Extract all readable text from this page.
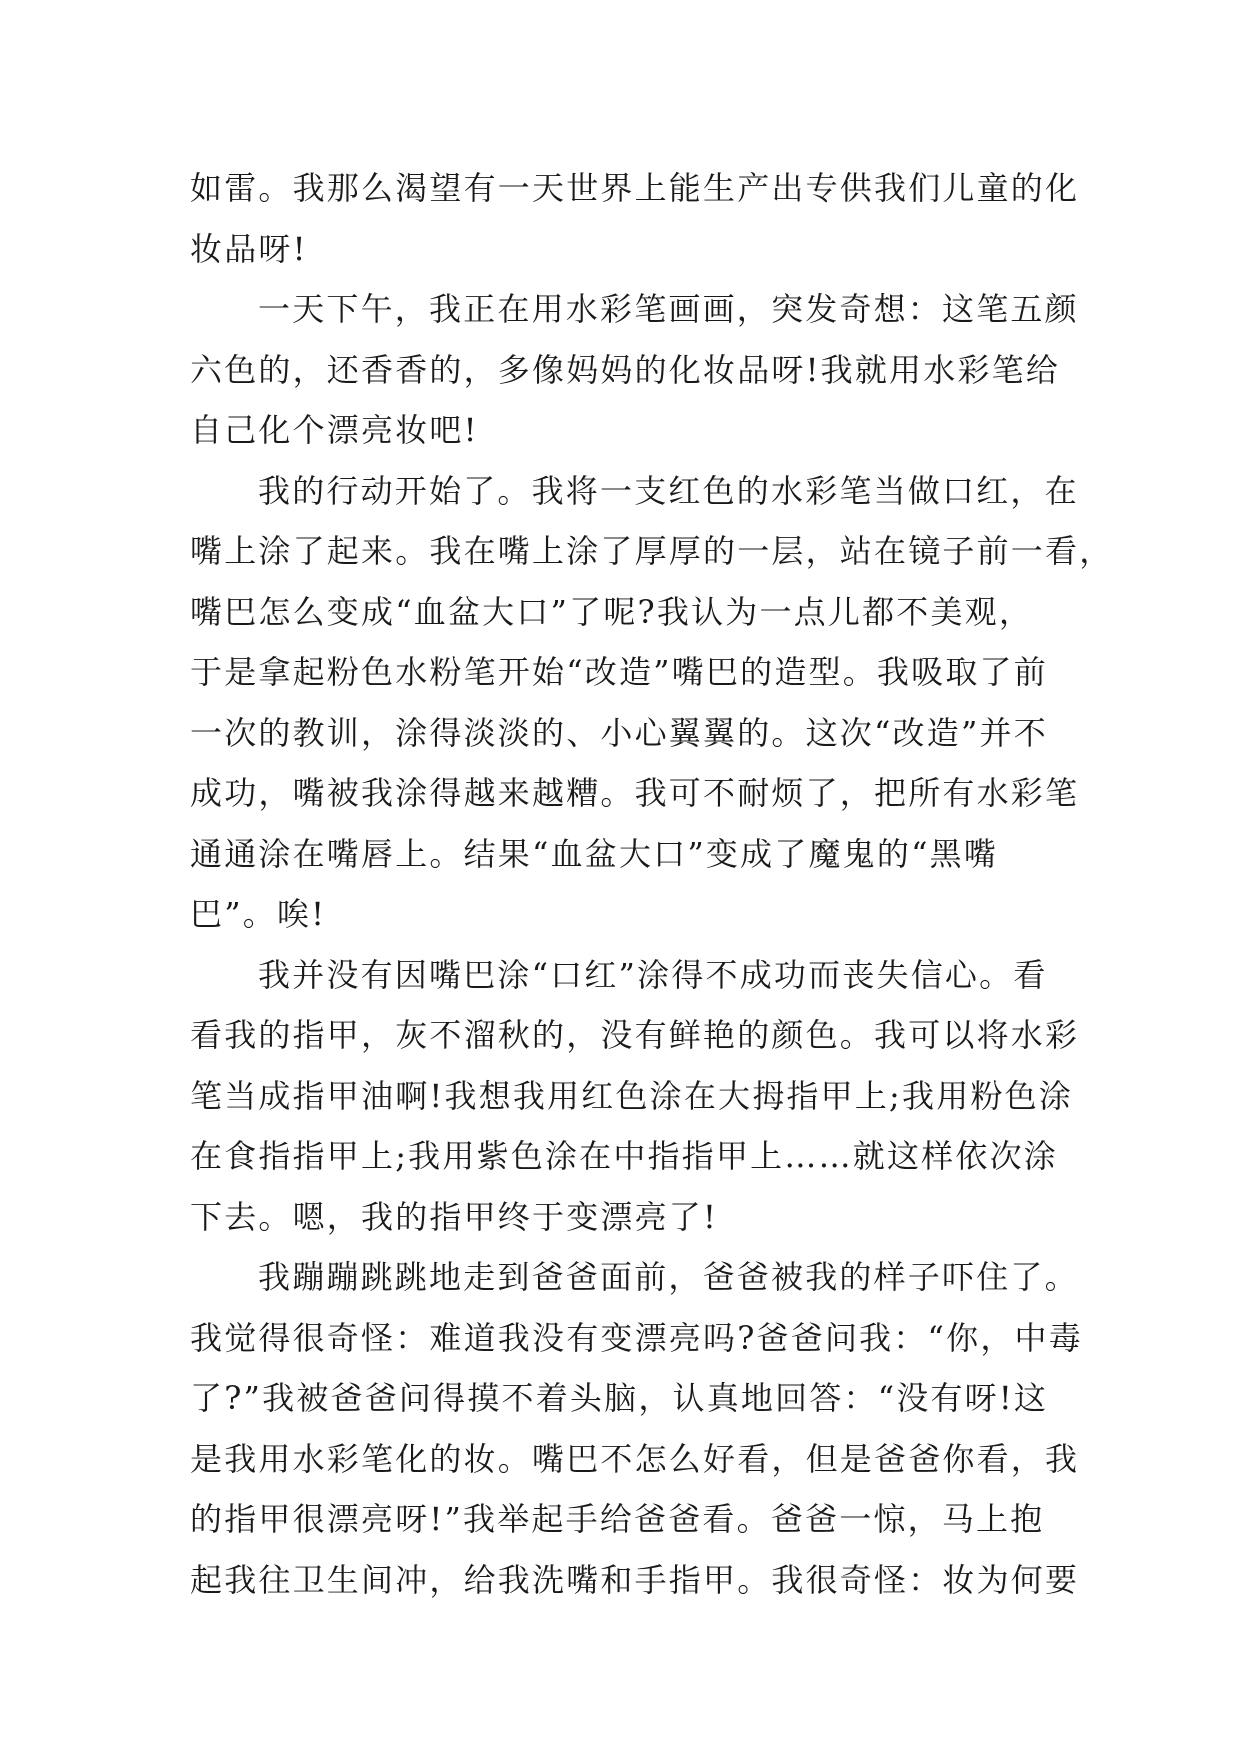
如雷。我那么渴望有一天世界上能生产出专供我们儿童的化
妆品呀!
一天下午，我正在用水彩笔画画，突发奇想：这笔五颜
六色的，还香香的，多像妈妈的化妆品呀!我就用水彩笔给
自己化个漂亮妆吧!
我的行动开始了。我将一支红色的水彩笔当做口红，在
嘴上涂了起来。我在嘴上涂了厚厚的一层，站在镜子前一看，
嘴巴怎么变成“血盆大口”了呢?我认为一点儿都不美观，
于是拿起粉色水粉笔开始“改造”嘴巴的造型。我吸取了前
一次的教训，涂得淡淡的、小心翼翼的。这次“改造”并不
成功，嘴被我涂得越来越糟。我可不耐烦了，把所有水彩笔
通通涂在嘴唇上。结果“血盆大口”变成了魔鬼的“黑嘴
巴”。唉!
我并没有因嘴巴涂“口红”涂得不成功而丧失信心。看
看我的指甲，灰不溜秋的，没有鲜艳的颜色。我可以将水彩
笔当成指甲油啊!我想我用红色涂在大拇指甲上;我用粉色涂
在食指指甲上;我用紫色涂在中指指甲上……就这样依次涂
下去。嗯，我的指甲终于变漂亮了!
我蹦蹦跳跳地走到爸爸面前，爸爸被我的样子吓住了。
我觉得很奇怪：难道我没有变漂亮吗?爸爸问我：“你，中毒
了?”我被爸爸问得摸不着头脑，认真地回答：“没有呀!这
是我用水彩笔化的妆。嘴巴不怎么好看，但是爸爸你看，我
的指甲很漂亮呀!”我举起手给爸爸看。爸爸一惊，马上抱
起我往卫生间冲，给我洗嘴和手指甲。我很奇怪：妆为何要
